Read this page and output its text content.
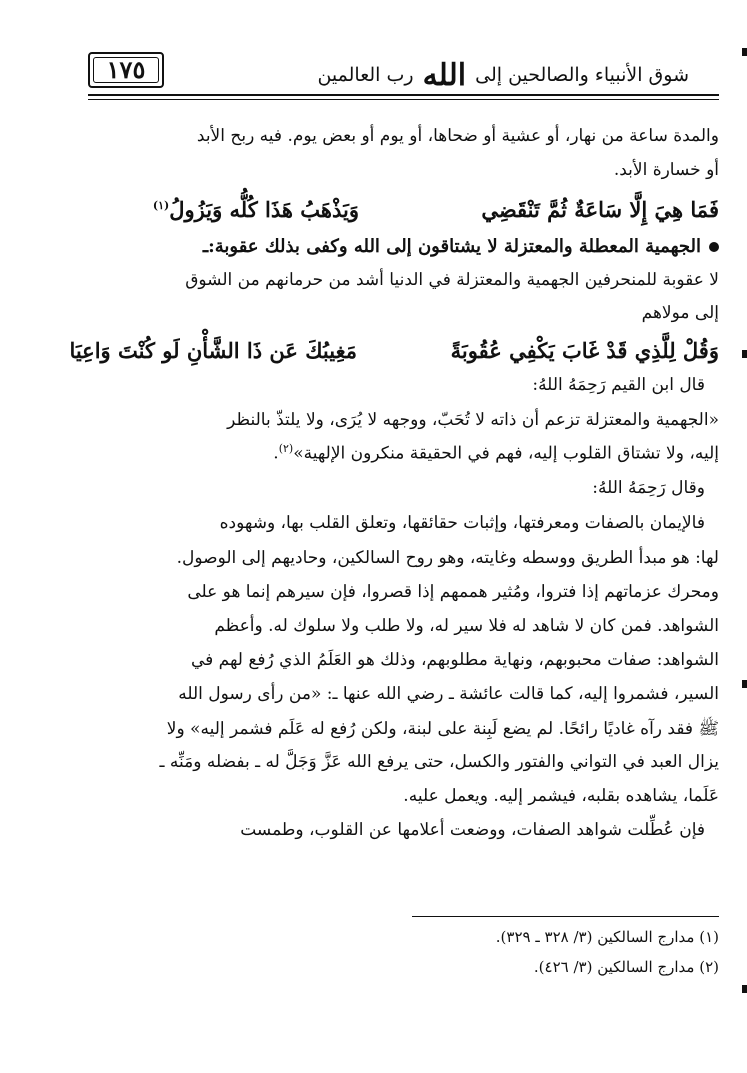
شوق الأنبياء والصالحين إلى الله رب العالمين
١٧٥
والمدة ساعة من نهار، أو عشية أو ضحاها، أو يوم أو بعض يوم. فيه ربح الأبد
أو خسارة الأبد.
فَمَا هِيَ إِلَّا سَاعَةٌ ثُمَّ تَنْقَضِي
وَيَذْهَبُ هَذَا كُلُّه وَيَزُولُ$^{(١)}$
الجهمية المعطلة والمعتزلة لا يشتاقون إلى الله وكفى بذلك عقوبة:ـ
لا عقوبة للمنحرفين الجهمية والمعتزلة في الدنيا أشد من حرمانهم من الشوق
إلى مولاهم
وَقُلْ لِلَّذِي قَدْ غَابَ يَكْفِي عُقُوبَةً
مَغِيبُكَ عَن ذَا الشَّأْنِ لَو كُنْتَ وَاعِيَا
قال ابن القيم رَحِمَهُ اللهُ:
«الجهمية والمعتزلة تزعم أن ذاته لا تُحَبّ، ووجهه لا يُرَى، ولا يلتذّ بالنظر
إليه، ولا تشتاق القلوب إليه، فهم في الحقيقة منكرون الإلهية»$^{(٢)}$.
وقال رَحِمَهُ اللهُ:
فالإيمان بالصفات ومعرفتها، وإثبات حقائقها، وتعلق القلب بها، وشهوده
لها: هو مبدأ الطريق ووسطه وغايته، وهو روح السالكين، وحاديهم إلى الوصول.
ومحرك عزماتهم إذا فتروا، ومُثير هممهم إذا قصروا، فإن سيرهم إنما هو على
الشواهد. فمن كان لا شاهد له فلا سير له، ولا طلب ولا سلوك له. وأعظم
الشواهد: صفات محبوبهم، ونهاية مطلوبهم، وذلك هو العَلَمُ الذي رُفع لهم في
السير، فشمروا إليه، كما قالت عائشة ـ رضي الله عنها ـ: «من رأى رسول الله
ﷺ فقد رآه غاديًا رائحًا. لم يضع لَبِنة على لبنة، ولكن رُفع له عَلَم فشمر إليه» ولا
يزال العبد في التواني والفتور والكسل، حتى يرفع الله عَزَّ وَجَلَّ له ـ بفضله ومَنِّه ـ
عَلَما، يشاهده بقلبه، فيشمر إليه. ويعمل عليه.
فإن عُطِّلت شواهد الصفات، ووضعت أعلامها عن القلوب، وطمست
(١) مدارج السالكين (٣/ ٣٢٨ ـ ٣٢٩).
(٢) مدارج السالكين (٣/ ٤٢٦).
